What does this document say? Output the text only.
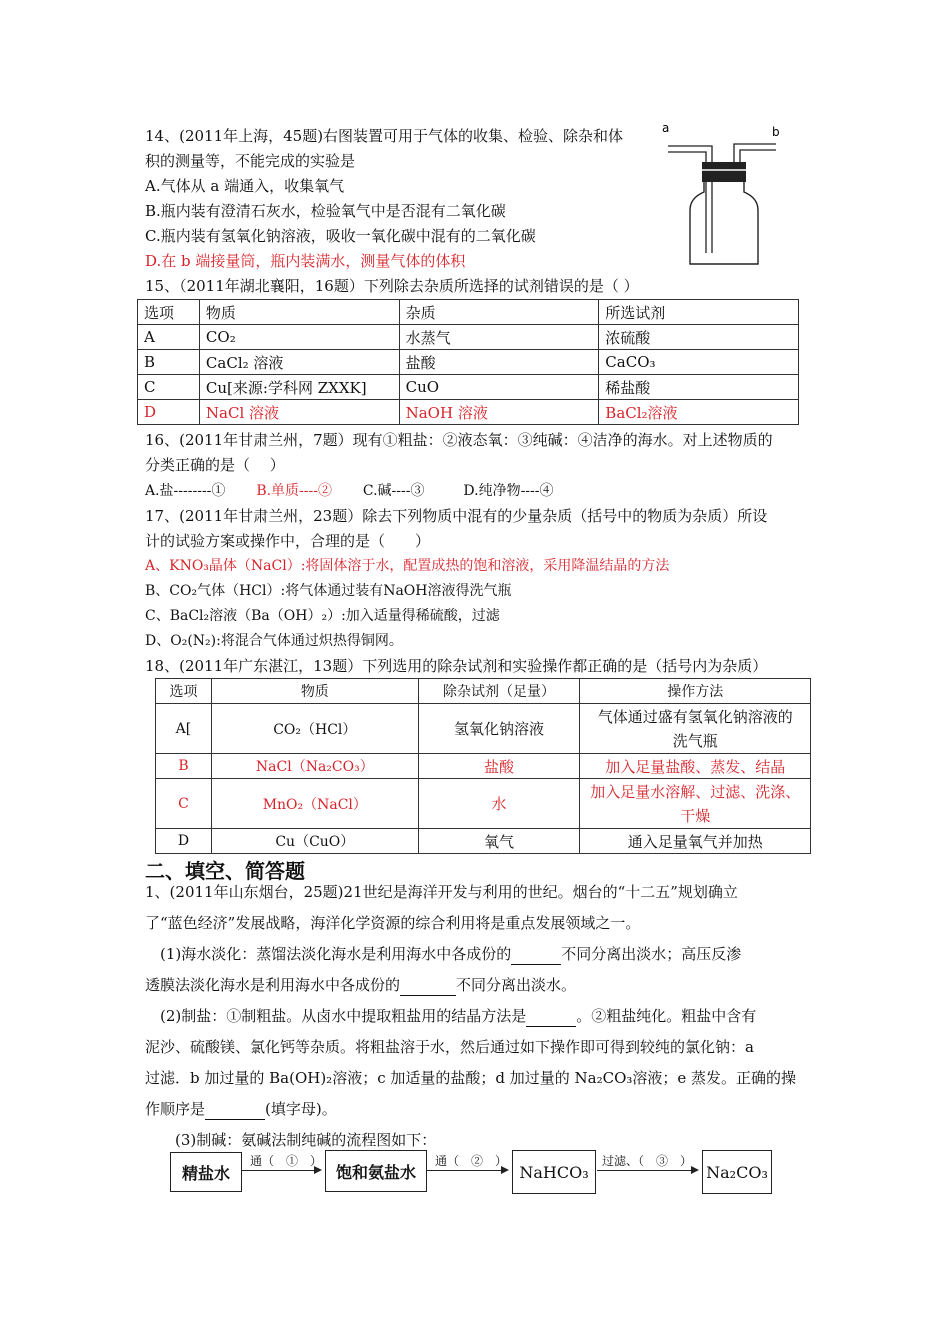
14、(2011年上海，45题)右图装置可用于气体的收集、检验、除杂和体
积的测量等，不能完成的实验是
A.气体从 a 端通入，收集氧气
B.瓶内装有澄清石灰水，检验氧气中是否混有二氧化碳
C.瓶内装有氢氧化钠溶液，吸收一氧化碳中混有的二氧化碳
D.在 b 端接量筒，瓶内装满水，测量气体的体积
a	b
15、（2011年湖北襄阳，16题）下列除去杂质所选择的试剂错误的是（ ）
选项	物质	杂质	所选试剂
A	CO₂	水蒸气	浓硫酸
B	CaCl₂ 溶液	盐酸	CaCO₃
C	Cu[来源:学科网 ZXXK]	CuO	稀盐酸
D	NaCl 溶液	NaOH 溶液	BaCl₂溶液
16、(2011年甘肃兰州，7题）现有①粗盐：②液态氧：③纯碱：④洁净的海水。对上述物质的
分类正确的是（　 ）
A.盐--------① B.单质----② C.碱----③	D.纯净物----④
17、(2011年甘肃兰州，23题）除去下列物质中混有的少量杂质（括号中的物质为杂质）所设
计的试验方案或操作中，合理的是（　　）
A、KNO₃晶体（NaCl）:将固体溶于水，配置成热的饱和溶液，采用降温结晶的方法
B、CO₂气体（HCl）:将气体通过装有NaOH溶液得洗气瓶
C、BaCl₂溶液（Ba（OH）₂）:加入适量得稀硫酸，过滤
D、O₂(N₂):将混合气体通过炽热得铜网。
18、(2011年广东湛江，13题）下列选用的除杂试剂和实验操作都正确的是（括号内为杂质）
选项	物质	除杂试剂（足量）	操作方法
A[	CO₂（HCl）	氢氧化钠溶液	气体通过盛有氢氧化钠溶液的
洗气瓶

B	NaCl（Na₂CO₃）	盐酸	加入足量盐酸、蒸发、结晶
C	MnO₂（NaCl）	水	加入足量水溶解、过滤、洗涤、
干燥

D	Cu（CuO）	氧气	通入足量氧气并加热
二、填空、简答题
1、(2011年山东烟台，25题)21世纪是海洋开发与利用的世纪。烟台的“十二五”规划确立
了“蓝色经济”发展战略，海洋化学资源的综合利用将是重点发展领域之一。
(1)海水淡化：蒸馏法淡化海水是利用海水中各成份的	不同分离出淡水；高压反渗
透膜法淡化海水是利用海水中各成份的	不同分离出淡水。
(2)制盐：①制粗盐。从卤水中提取粗盐用的结晶方法是	。②粗盐纯化。粗盐中含有
泥沙、硫酸镁、氯化钙等杂质。将粗盐溶于水，然后通过如下操作即可得到较纯的氯化钠：a
过滤．b 加过量的 Ba(OH)₂溶液；c 加适量的盐酸；d 加过量的 Na₂CO₃溶液；e 蒸发。正确的操
作顺序是	(填字母)。
(3)制碱：氨碱法制纯碱的流程图如下：
精盐水	饱和氨盐水	NaHCO₃	Na₂CO₃
通（　①　）	通（　②　）	过滤、（　③　）
